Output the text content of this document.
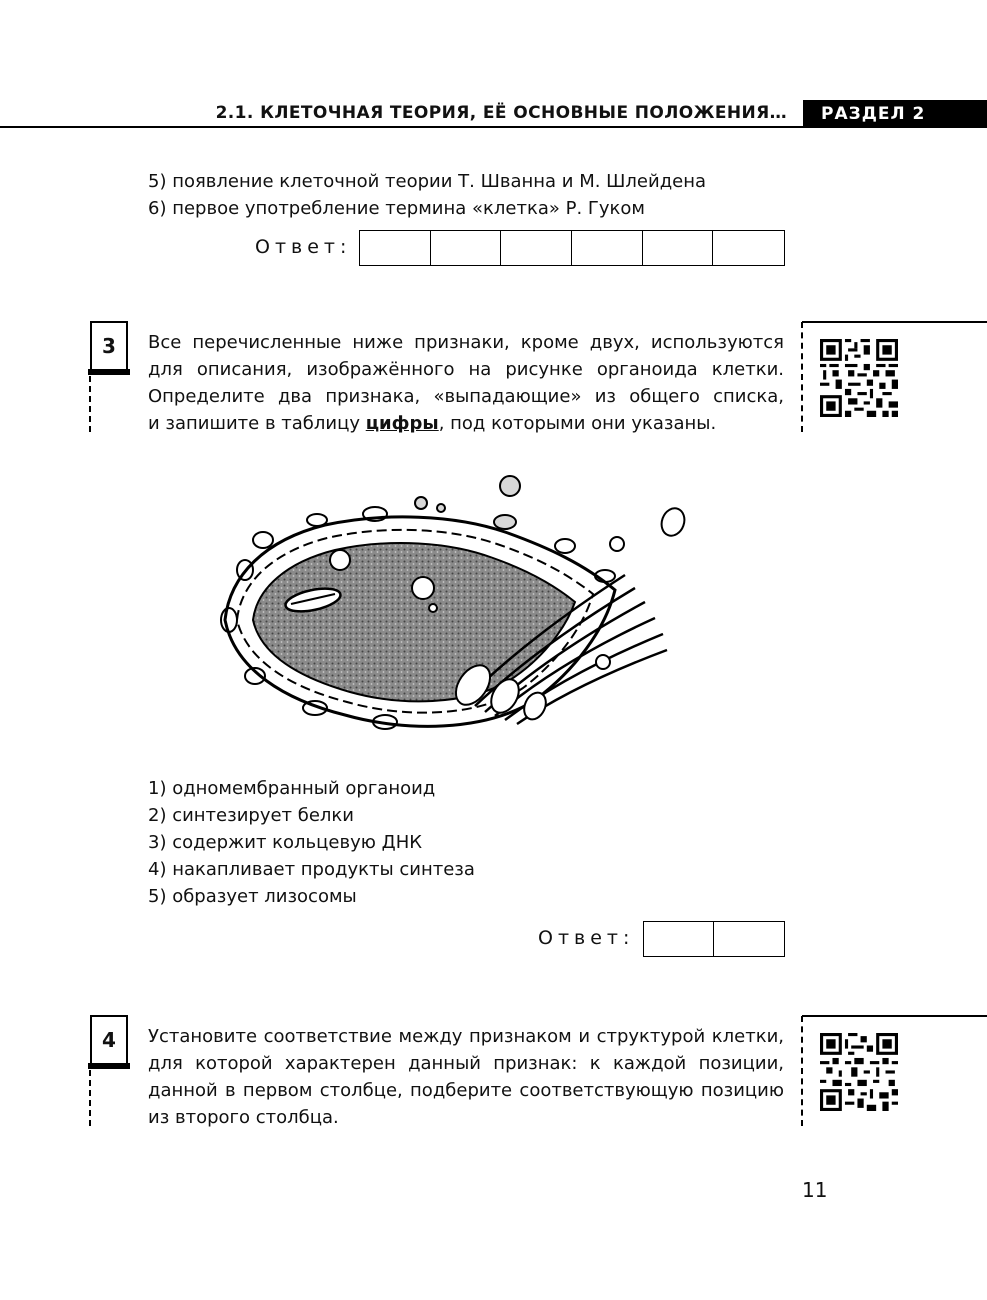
2.1. КЛЕТОЧНАЯ ТЕОРИЯ, ЕЁ ОСНОВНЫЕ ПОЛОЖЕНИЯ…	РАЗДЕЛ 2
5) появление клеточной теории Т. Шванна и М. Шлейдена
6) первое употребление термина «клетка» Р. Гуком
Ответ:
3	Все перечисленные ниже признаки, кроме двух, используются
для описания, изображённого на рисунке органоида клетки.
Определите два признака, «выпадающие» из общего списка,
и запишите в таблицу цифры, под которыми они указаны.
1) одномембранный органоид
2) синтезирует белки
3) содержит кольцевую ДНК
4) накапливает продукты синтеза
5) образует лизосомы
Ответ:
4	Установите соответствие между признаком и структурой клетки,
для которой характерен данный признак: к каждой позиции,
данной в первом столбце, подберите соответствующую позицию
из второго столбца.
11
